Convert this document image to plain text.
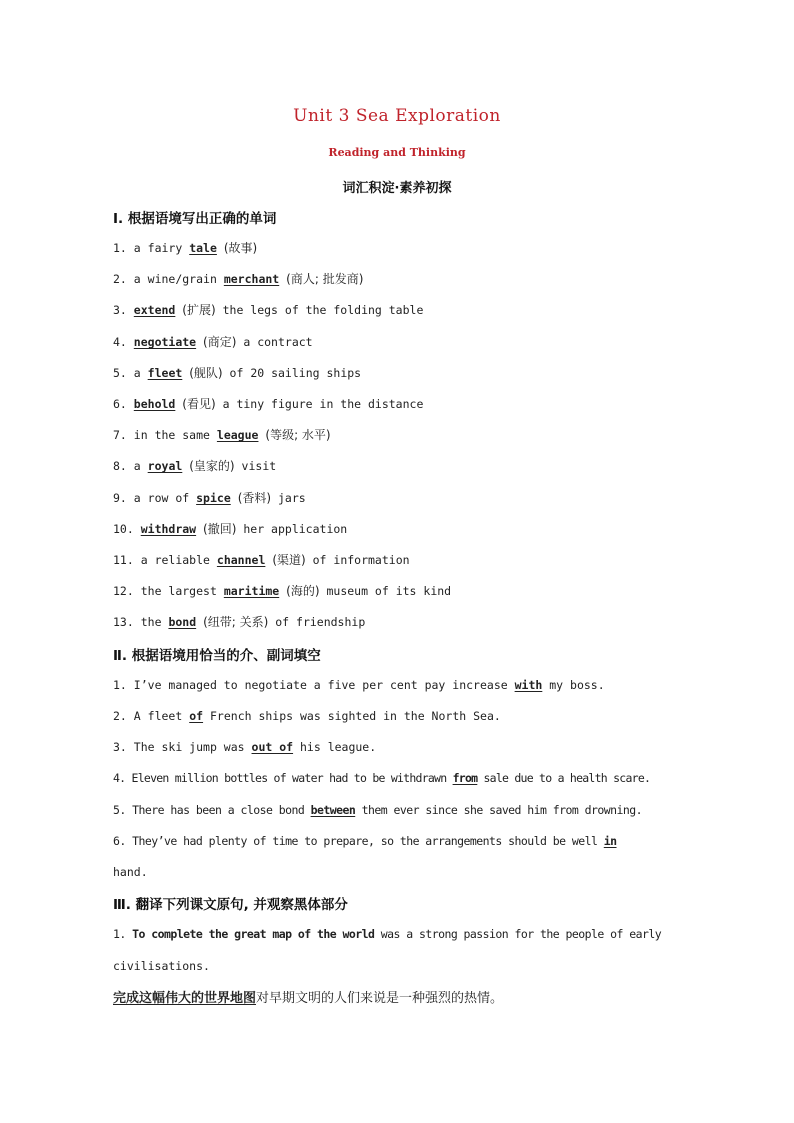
Unit 3 Sea Exploration
Reading and Thinking
词汇积淀·素养初探
Ⅰ. 根据语境写出正确的单词
1. a fairy tale (故事)
2. a wine/grain merchant (商人; 批发商)
3. extend (扩展) the legs of the folding table
4. negotiate (商定) a contract
5. a fleet (舰队) of 20 sailing ships
6. behold (看见) a tiny figure in the distance
7. in the same league (等级; 水平)
8. a royal (皇家的) visit
9. a row of spice (香料) jars
10. withdraw (撤回) her application
11. a reliable channel (渠道) of information
12. the largest maritime (海的) museum of its kind
13. the bond (纽带; 关系) of friendship
Ⅱ. 根据语境用恰当的介、副词填空
1. I’ve managed to negotiate a five per cent pay increase with my boss.
2. A fleet of French ships was sighted in the North Sea.
3. The ski jump was out of his league.
4. Eleven million bottles of water had to be withdrawn from sale due to a health scare.
5. There has been a close bond between them ever since she saved him from drowning.
6. They’ve had plenty of time to prepare, so the arrangements should be well in
hand.
Ⅲ. 翻译下列课文原句, 并观察黑体部分
1. To complete the great map of the world was a strong passion for the people of early
civilisations.
完成这幅伟大的世界地图对早期文明的人们来说是一种强烈的热情。
